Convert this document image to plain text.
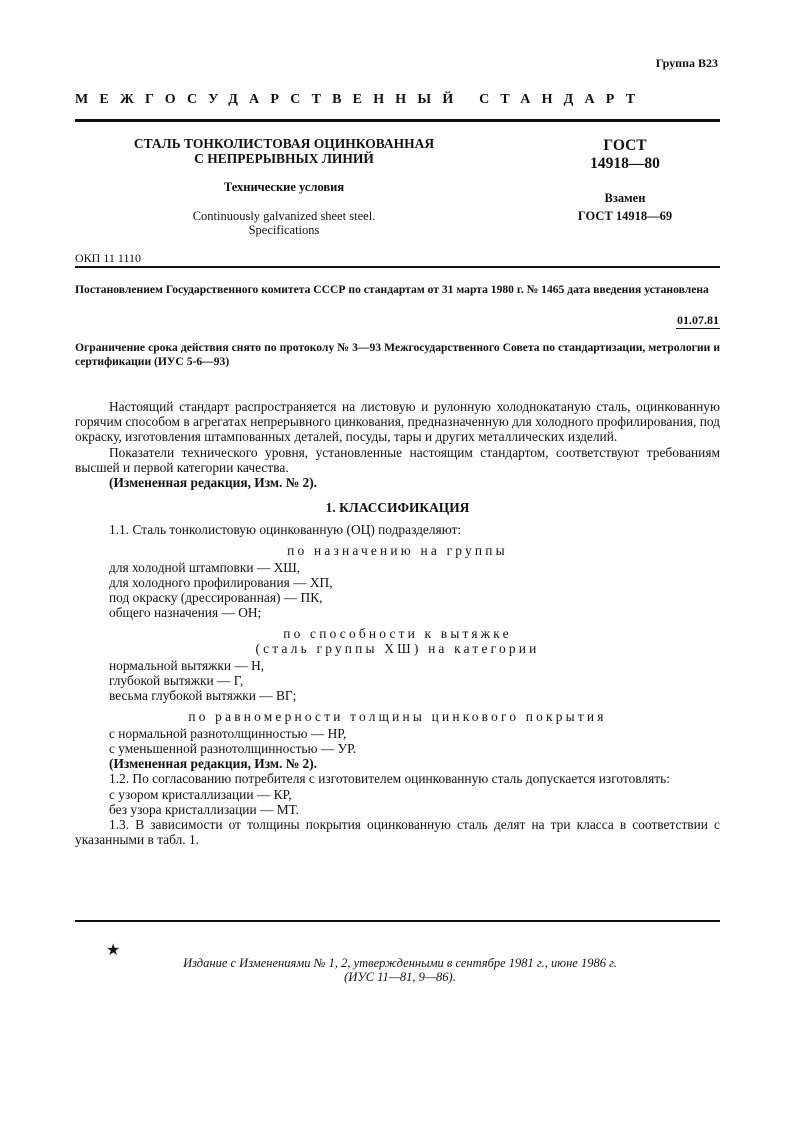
Группа В23
МЕЖГОСУДАРСТВЕННЫЙ СТАНДАРТ
СТАЛЬ ТОНКОЛИСТОВАЯ ОЦИНКОВАННАЯ
С НЕПРЕРЫВНЫХ ЛИНИЙ
Технические условия
Continuously galvanized sheet steel.
Specifications
ГОСТ
14918—80
Взамен
ГОСТ 14918—69
ОКП 11 1110
Постановлением Государственного комитета СССР по стандартам от 31 марта 1980 г. № 1465 дата введения установлена
01.07.81
Ограничение срока действия снято по протоколу № 3—93 Межгосударственного Совета по стандартизации, метрологии и сертификации (ИУС 5-6—93)

Настоящий стандарт распространяется на листовую и рулонную холоднокатаную сталь, оцинкованную горячим способом в агрегатах непрерывного цинкования, предназначенную для холодного профилирования, под окраску, изготовления штампованных деталей, посуды, тары и других металлических изделий.

Показатели технического уровня, установленные настоящим стандартом, соответствуют требованиям высшей и первой категории качества.

(Измененная редакция, Изм. № 2).

1. КЛАССИФИКАЦИЯ

1.1. Сталь тонколистовую оцинкованную (ОЦ) подразделяют:

по назначению на группы

для холодной штамповки — ХШ,

для холодного профилирования — ХП,

под окраску (дрессированная) — ПК,

общего назначения — ОН;

по способности к вытяжке

(сталь группы ХШ) на категории

нормальной вытяжки — Н,

глубокой вытяжки — Г,

весьма глубокой вытяжки — ВГ;

по равномерности толщины цинкового покрытия

с нормальной разнотолщинностью — НР,

с уменьшенной разнотолщинностью — УР.

(Измененная редакция, Изм. № 2).

1.2. По согласованию потребителя с изготовителем оцинкованную сталь допускается изготовлять:

с узором кристаллизации — КР,

без узора кристаллизации — МТ.

1.3. В зависимости от толщины покрытия оцинкованную сталь делят на три класса в соответствии с указанными в табл. 1.

★
Издание с Изменениями № 1, 2, утвержденными в сентябре 1981 г., июне 1986 г.
(ИУС 11—81, 9—86).
